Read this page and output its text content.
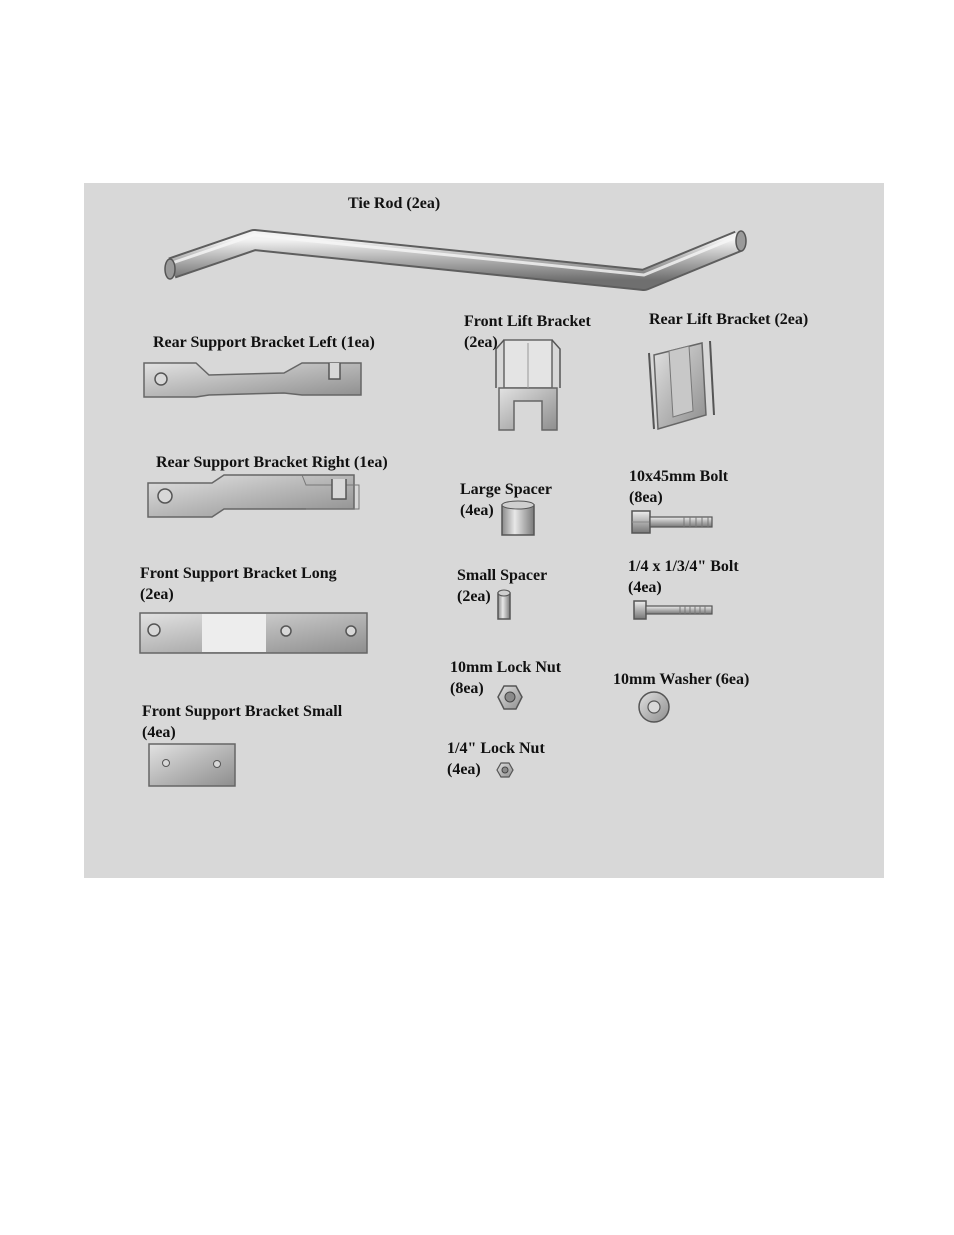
Tie Rod (2ea)
Rear Support Bracket Left (1ea)
Front Lift Bracket
(2ea)
Rear Lift Bracket (2ea)
Rear Support Bracket Right (1ea)
Large Spacer
(4ea)
10x45mm Bolt
(8ea)
Front Support Bracket Long
(2ea)
Small Spacer
(2ea)
1/4 x 1/3/4" Bolt
(4ea)
10mm Lock Nut
(8ea)
10mm Washer (6ea)
Front Support Bracket Small
(4ea)
1/4" Lock Nut
(4ea)
